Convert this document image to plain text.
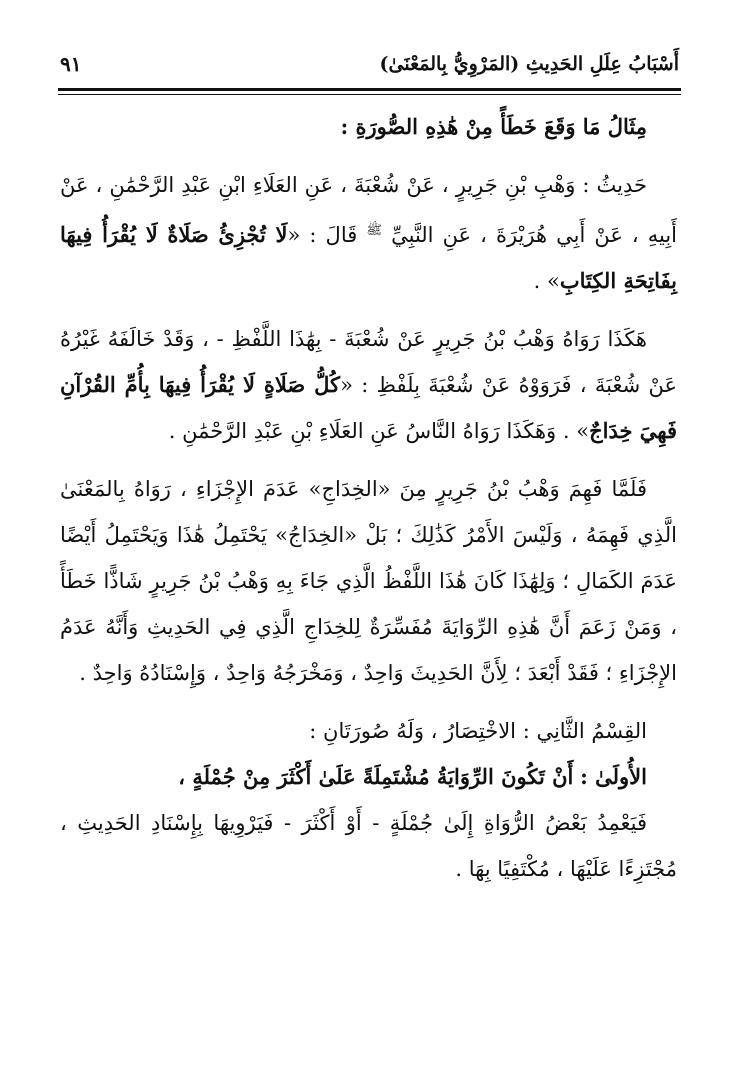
أَسْبَابُ عِلَلِ الحَدِيثِ (المَرْوِيُّ بِالمَعْنَىٰ)
٩١

مِثَالُ مَا وَقَعَ خَطَأً مِنْ هَٰذِهِ الصُّورَةِ :

حَدِيثُ : وَهْبِ بْنِ جَرِيرٍ ، عَنْ شُعْبَةَ ، عَنِ العَلَاءِ ابْنِ عَبْدِ الرَّحْمَٰنِ ، عَنْ أَبِيهِ ، عَنْ أَبِي هُرَيْرَةَ ، عَنِ النَّبِيِّ $^ﷺ$ قَالَ : «لَا تُجْزِئُ صَلَاةٌ لَا يُقْرَأُ فِيهَا بِفَاتِحَةِ الكِتَابِ» .

هَكَذَا رَوَاهُ وَهْبُ بْنُ جَرِيرٍ عَنْ شُعْبَةَ - بِهَٰذَا اللَّفْظِ - ، وَقَدْ خَالَفَهُ غَيْرُهُ عَنْ شُعْبَةَ ، فَرَوَوْهُ عَنْ شُعْبَةَ بِلَفْظِ : «كُلُّ صَلَاةٍ لَا يُقْرَأُ فِيهَا بِأُمِّ القُرْآنِ فَهِيَ خِدَاجٌ» . وَهَكَذَا رَوَاهُ النَّاسُ عَنِ العَلَاءِ بْنِ عَبْدِ الرَّحْمَٰنِ .

فَلَمَّا فَهِمَ وَهْبُ بْنُ جَرِيرٍ مِنَ «الخِدَاجِ» عَدَمَ الإِجْزَاءِ ، رَوَاهُ بِالمَعْنَىٰ الَّذِي فَهِمَهُ ، وَلَيْسَ الأَمْرُ كَذَٰلِكَ ؛ بَلْ «الخِدَاجُ» يَحْتَمِلُ هَٰذَا وَيَحْتَمِلُ أَيْضًا عَدَمَ الكَمَالِ ؛ وَلِهَٰذَا كَانَ هَٰذَا اللَّفْظُ الَّذِي جَاءَ بِهِ وَهْبُ بْنُ جَرِيرٍ شَاذًّا خَطَأً ، وَمَنْ زَعَمَ أَنَّ هَٰذِهِ الرِّوَايَةَ مُفَسِّرَةٌ لِلخِدَاجِ الَّذِي فِي الحَدِيثِ وَأَنَّهُ عَدَمُ الإِجْزَاءِ ؛ فَقَدْ أَبْعَدَ ؛ لِأَنَّ الحَدِيثَ وَاحِدٌ ، وَمَخْرَجُهُ وَاحِدٌ ، وَإِسْنَادُهُ وَاحِدٌ .

القِسْمُ الثَّانِي : الاخْتِصَارُ ، وَلَهُ صُورَتَانِ :

الأُولَىٰ : أَنْ تَكُونَ الرِّوَايَةُ مُشْتَمِلَةً عَلَىٰ أَكْثَرَ مِنْ جُمْلَةٍ ،

فَيَعْمِدُ بَعْضُ الرُّوَاةِ إِلَىٰ جُمْلَةٍ - أَوْ أَكْثَرَ - فَيَرْوِيهَا بِإِسْنَادِ الحَدِيثِ ، مُجْتَزِءًا عَلَيْهَا ، مُكْتَفِيًا بِهَا .
